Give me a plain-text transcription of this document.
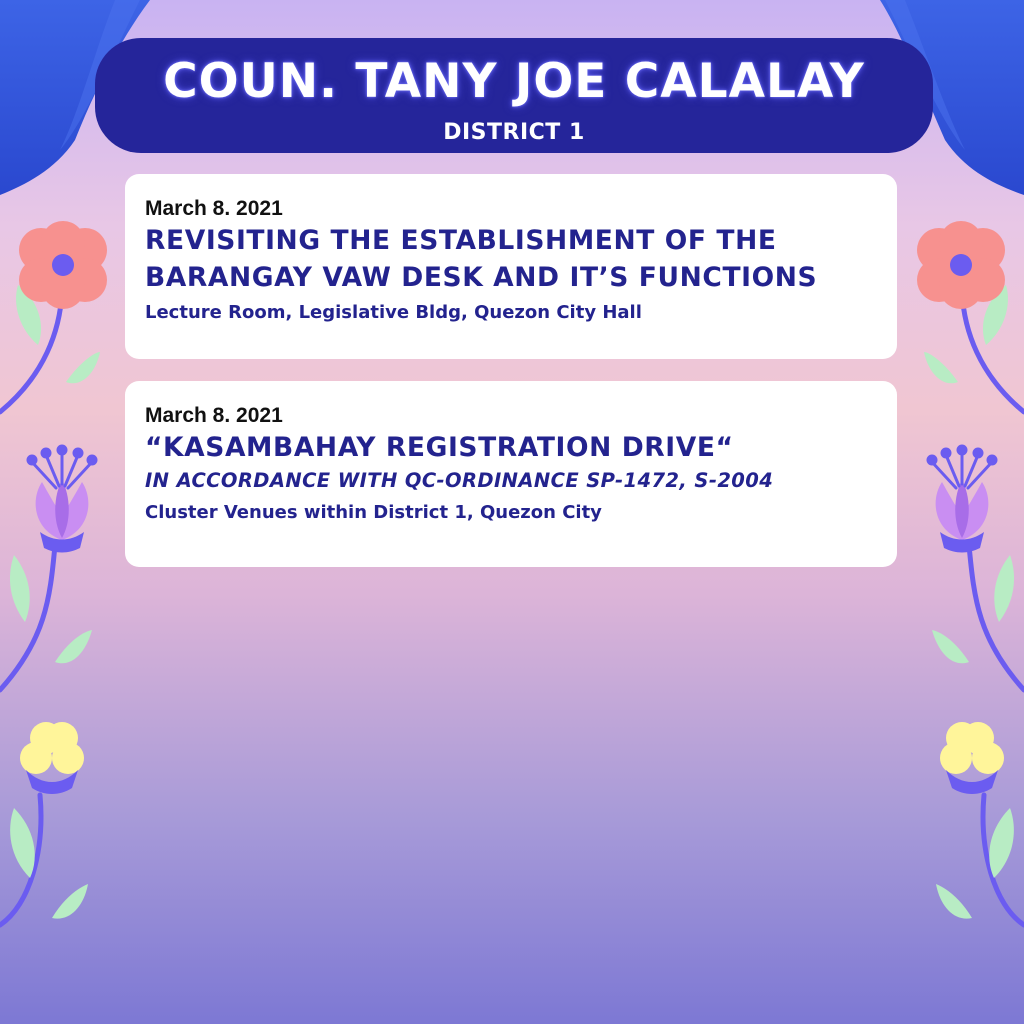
COUN. TANY JOE CALALAY
DISTRICT 1
March 8. 2021
REVISITING THE ESTABLISHMENT OF THE
BARANGAY VAW DESK AND IT’S FUNCTIONS
Lecture Room, Legislative Bldg, Quezon City Hall
March 8. 2021
“KASAMBAHAY REGISTRATION DRIVE“
IN ACCORDANCE WITH QC-ORDINANCE SP-1472, S-2004
Cluster Venues within District 1, Quezon City
